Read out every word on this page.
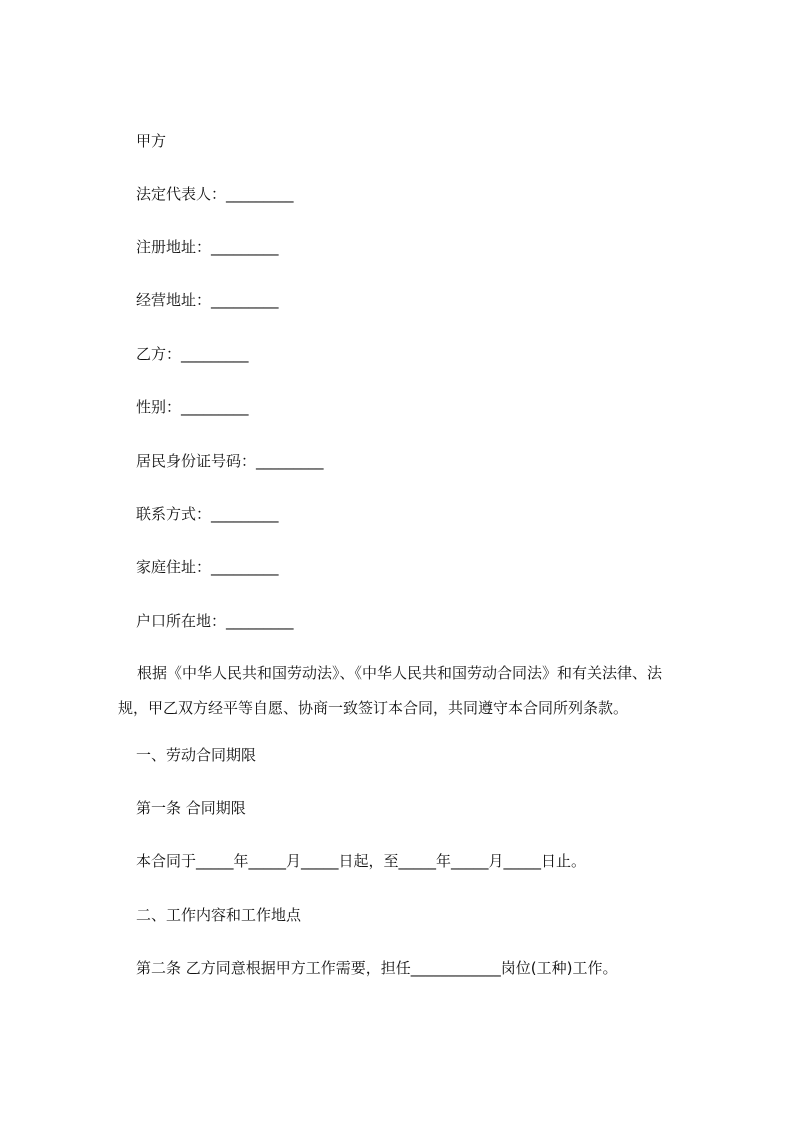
甲方
法定代表人：_________
注册地址：_________
经营地址：_________
乙方：_________
性别：_________
居民身份证号码：_________
联系方式：_________
家庭住址：_________
户口所在地：_________
根据《中华人民共和国劳动法》、《中华人民共和国劳动合同法》和有关法律、法规，甲乙双方经平等自愿、协商一致签订本合同，共同遵守本合同所列条款。
一、劳动合同期限
第一条 合同期限
本合同于_____年_____月_____日起，至_____年_____月_____日止。
二、工作内容和工作地点
第二条 乙方同意根据甲方工作需要，担任____________岗位(工种)工作。
